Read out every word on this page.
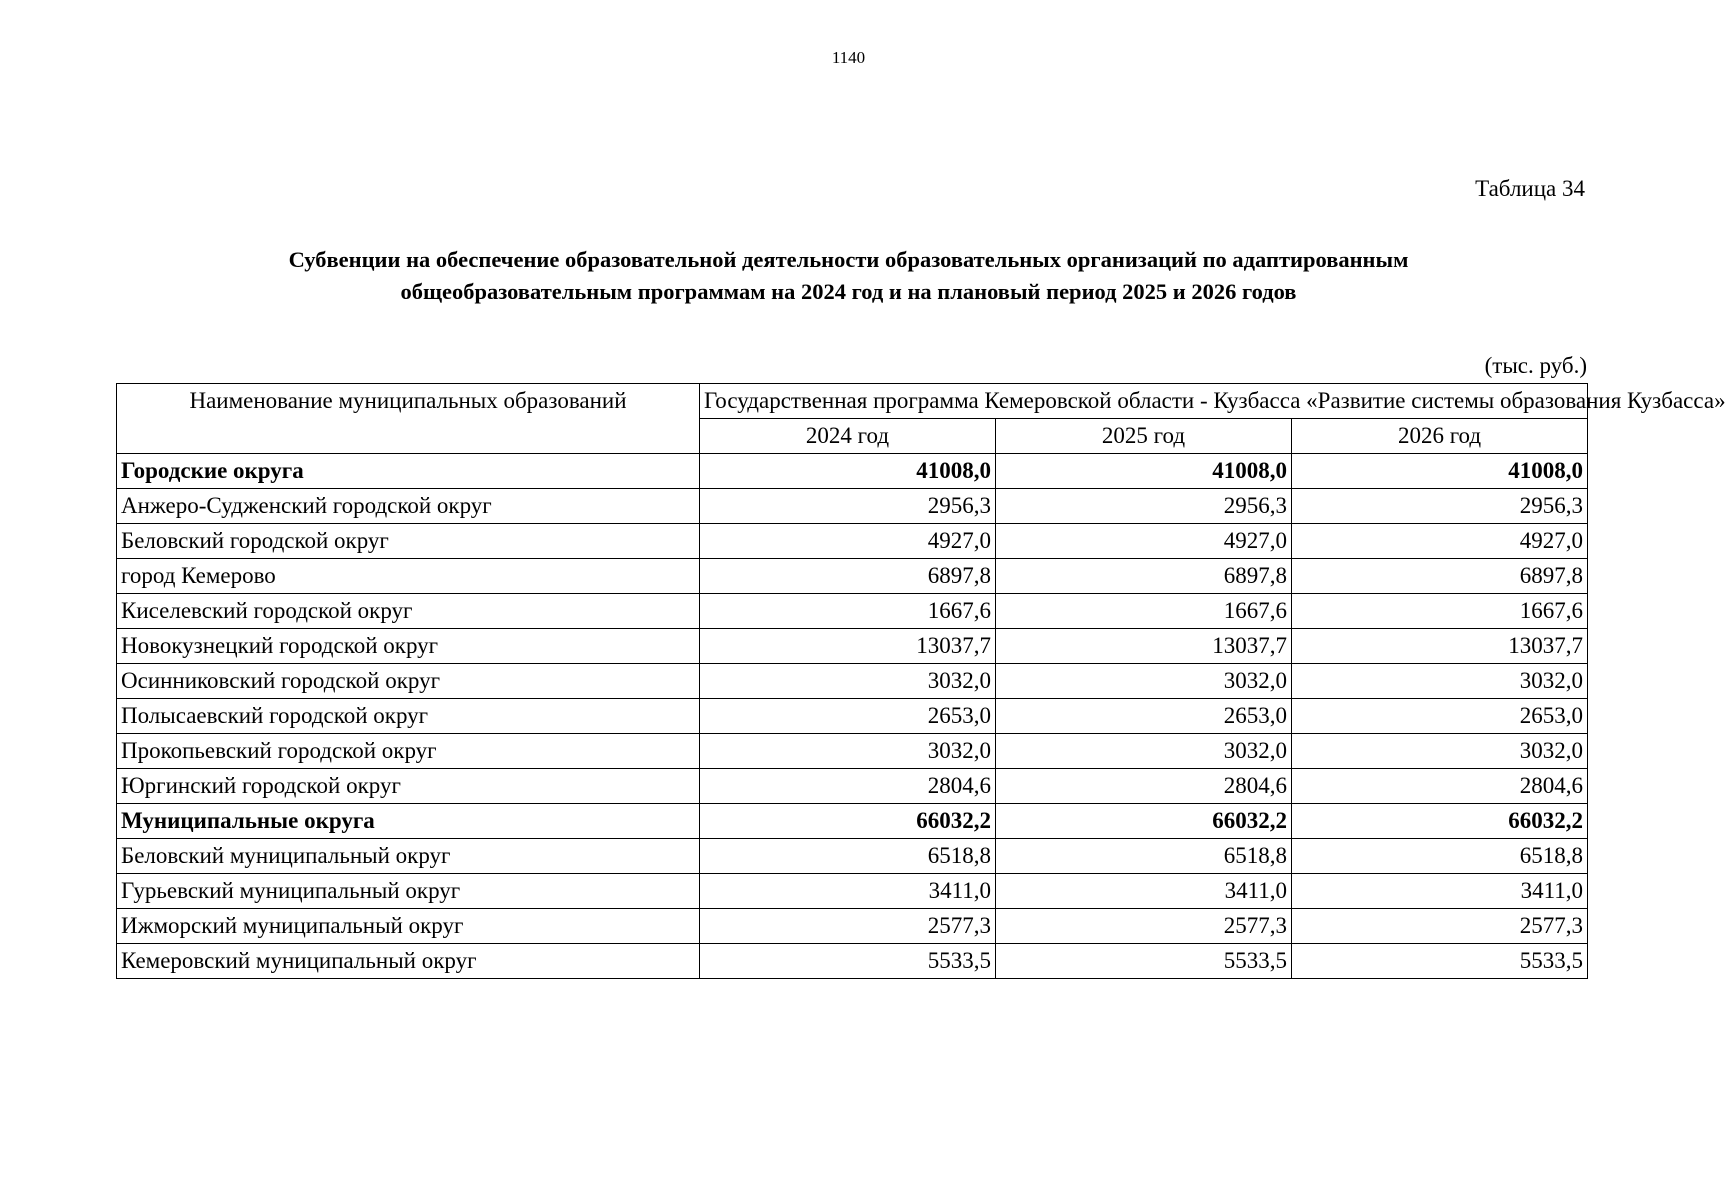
1140
Таблица 34
Субвенции на обеспечение образовательной деятельности образовательных организаций по адаптированным
общеобразовательным программам на 2024 год и на плановый период 2025 и 2026 годов
(тыс. руб.)
Наименование муниципальных образований	Государственная программа Кемеровской области - Кузбасса «Развитие системы образования Кузбасса»		
	2024 год	2025 год	2026 год
Городские округа	41008,0	41008,0	41008,0
Анжеро-Судженский городской округ	2956,3	2956,3	2956,3
Беловский городской округ	4927,0	4927,0	4927,0
город Кемерово	6897,8	6897,8	6897,8
Киселевский городской округ	1667,6	1667,6	1667,6
Новокузнецкий городской округ	13037,7	13037,7	13037,7
Осинниковский городской округ	3032,0	3032,0	3032,0
Полысаевский городской округ	2653,0	2653,0	2653,0
Прокопьевский городской округ	3032,0	3032,0	3032,0
Юргинский городской округ	2804,6	2804,6	2804,6
Муниципальные округа	66032,2	66032,2	66032,2
Беловский муниципальный округ	6518,8	6518,8	6518,8
Гурьевский муниципальный округ	3411,0	3411,0	3411,0
Ижморский муниципальный округ	2577,3	2577,3	2577,3
Кемеровский муниципальный округ	5533,5	5533,5	5533,5
